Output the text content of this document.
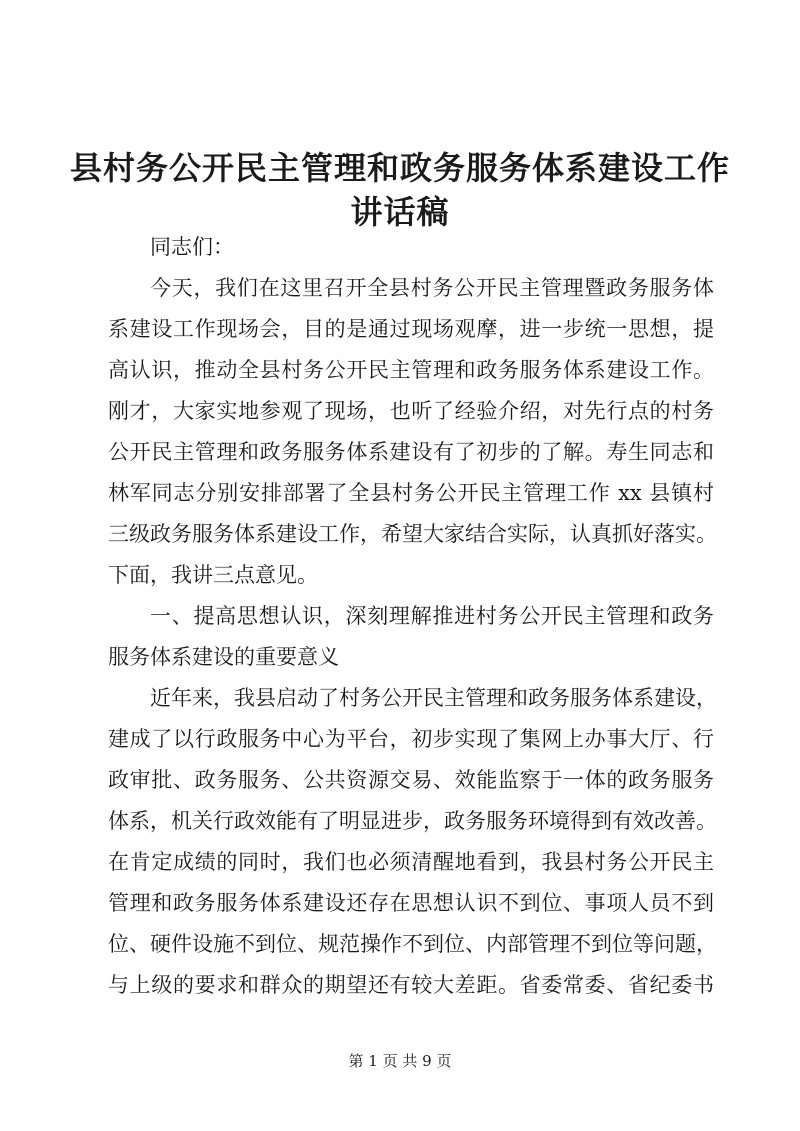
县村务公开民主管理和政务服务体系建设工作
讲话稿
同志们：
今天，我们在这里召开全县村务公开民主管理暨政务服务体
系建设工作现场会，目的是通过现场观摩，进一步统一思想，提
高认识，推动全县村务公开民主管理和政务服务体系建设工作。
刚才，大家实地参观了现场，也听了经验介绍，对先行点的村务
公开民主管理和政务服务体系建设有了初步的了解。寿生同志和
林军同志分别安排部署了全县村务公开民主管理工作 xx 县镇村
三级政务服务体系建设工作，希望大家结合实际，认真抓好落实。
下面，我讲三点意见。
一、提高思想认识，深刻理解推进村务公开民主管理和政务
服务体系建设的重要意义
近年来，我县启动了村务公开民主管理和政务服务体系建设，
建成了以行政服务中心为平台，初步实现了集网上办事大厅、行
政审批、政务服务、公共资源交易、效能监察于一体的政务服务
体系，机关行政效能有了明显进步，政务服务环境得到有效改善。
在肯定成绩的同时，我们也必须清醒地看到，我县村务公开民主
管理和政务服务体系建设还存在思想认识不到位、事项人员不到
位、硬件设施不到位、规范操作不到位、内部管理不到位等问题，
与上级的要求和群众的期望还有较大差距。省委常委、省纪委书
第 1 页 共 9 页
